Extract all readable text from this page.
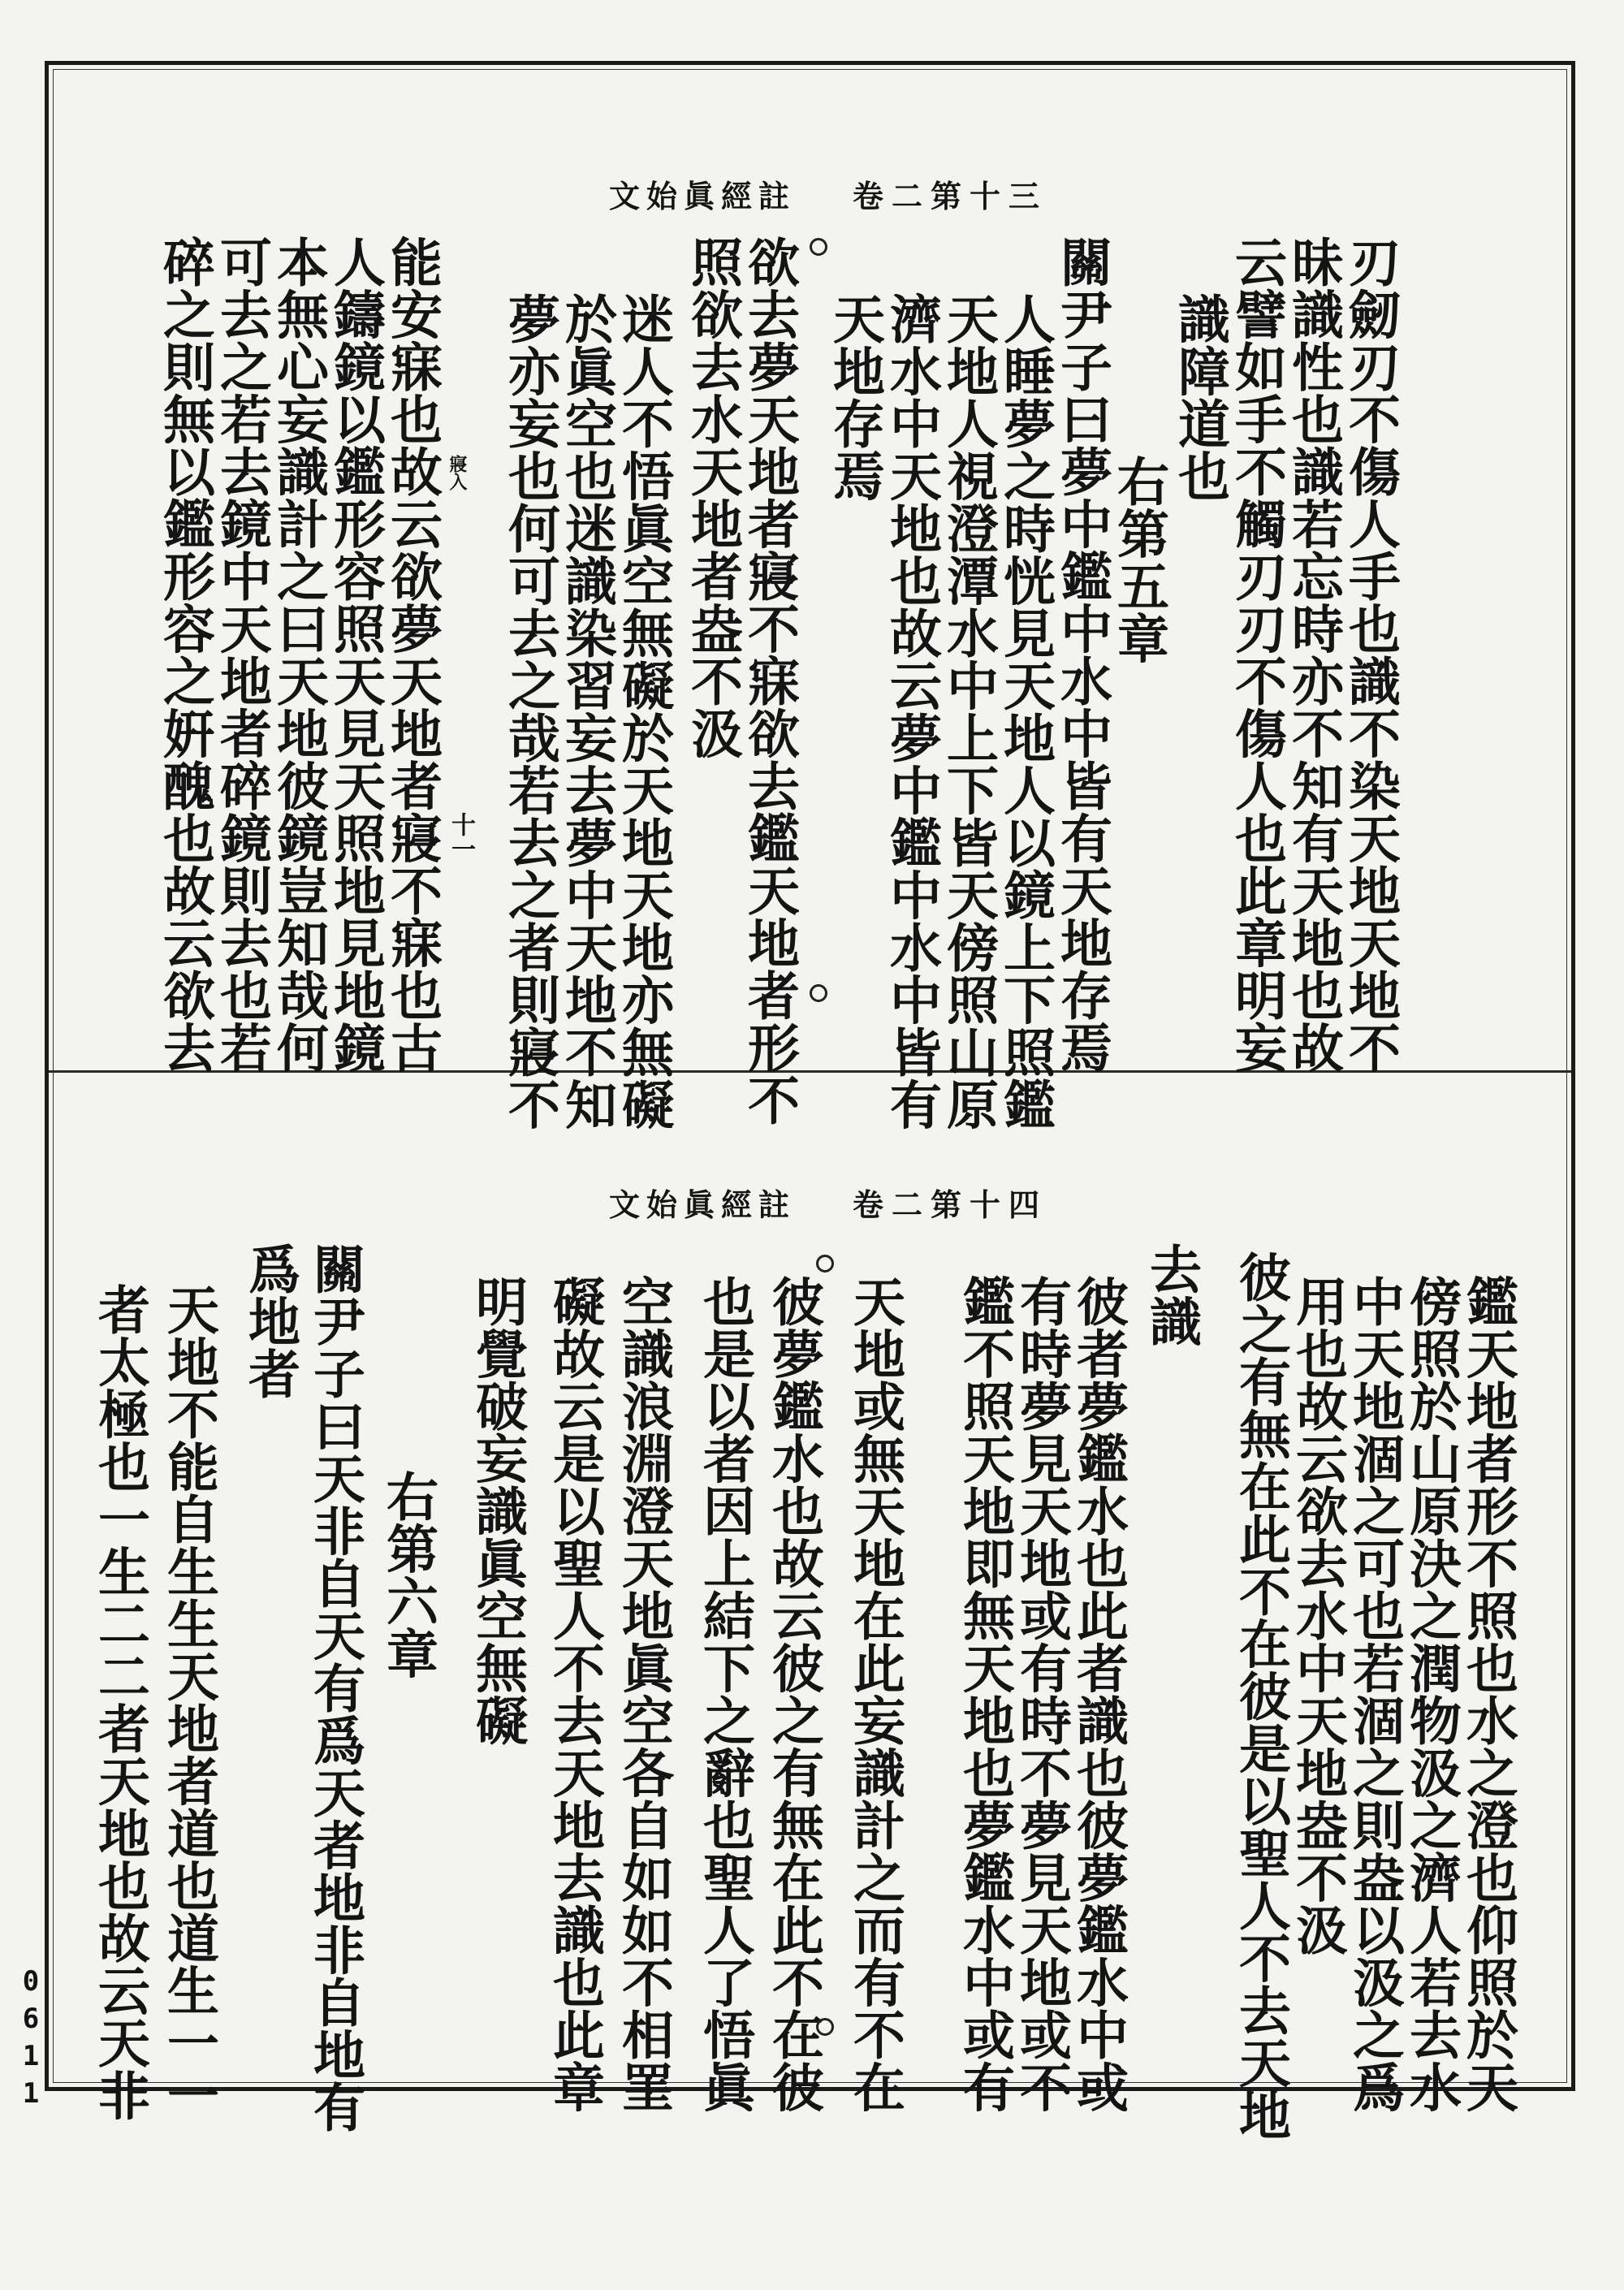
文始眞經註 卷二第十三
刃劒刃不傷人手也識不染天地天地不
昧識性也識若忘時亦不知有天地也故
云譬如手不觸刃刃不傷人也此章明妄
識障道也
右第五章
關尹子曰夢中鑑中水中皆有天地存焉
人睡夢之時恍見天地人以鏡上下照鑑
天地人視澄潭水中上下皆天傍照山原
濟水中天地也故云夢中鑑中水中皆有
天地存焉
欲去夢天地者寢不寐欲去鑑天地者形不
照欲去水天地者盎不汲
迷人不悟眞空無礙於天地天地亦無礙
於眞空也迷識染習妄去夢中天地不知
夢亦妄也何可去之哉若去之者則寢不
能安寐也故云欲夢天地者寢不寐也古
人鑄鏡以鑑形容照天見天照地見地鏡
本無心妄識計之曰天地彼鏡豈知哉何
可去之若去鏡中天地者碎鏡則去也若
碎之則無以鑑形容之姸醜也故云欲去	十一
寢入
文始眞經註 卷二第十四
鑑天地者形不照也水之澄也仰照於天
傍照於山原決之潤物汲之濟人若去水
中天地涸之可也若涸之則盎以汲之爲
用也故云欲去水中天地盎不汲
彼之有無在此不在彼是以聖人不去天地
去識
彼者夢鑑水也此者識也彼夢鑑水中或
有時夢見天地或有時不夢見天地或不
鑑不照天地即無天地也夢鑑水中或有
天地或無天地在此妄識計之而有不在
彼夢鑑水也故云彼之有無在此不在彼
也是以者因上結下之辭也聖人了悟眞
空識浪淵澄天地眞空各自如如不相罣
礙故云是以聖人不去天地去識也此章
明覺破妄識眞空無礙
右第六章
關尹子曰天非自天有爲天者地非自地有
爲地者
天地不能自生生天地者道也道生一一
者太極也一生二二者天地也故云天非
0611
